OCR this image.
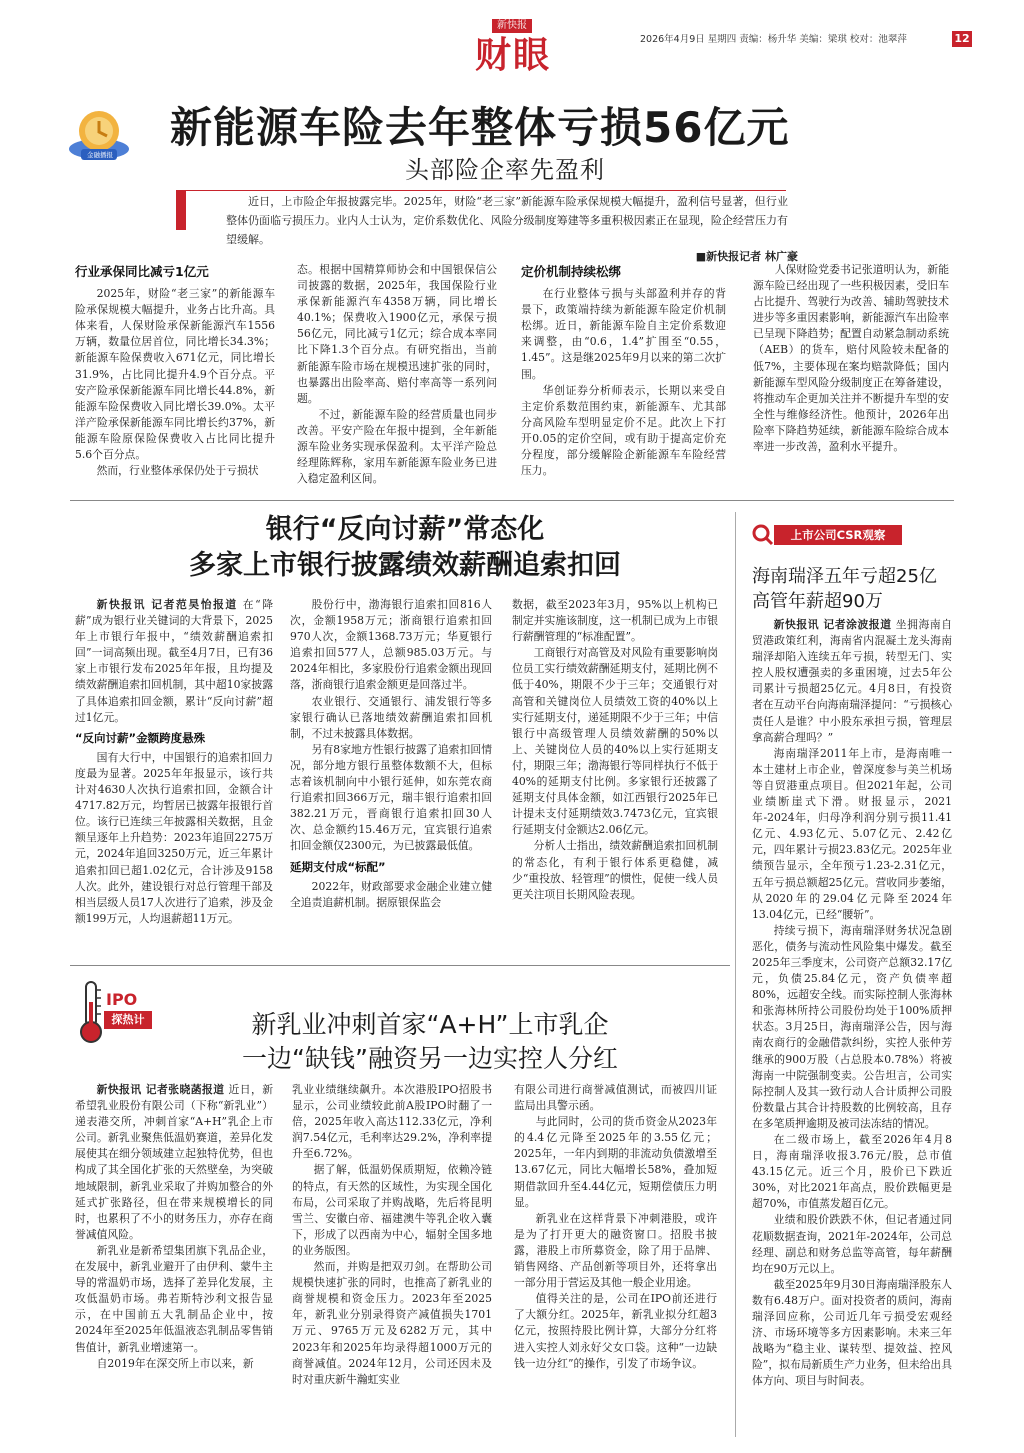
新快报
财眼	2026年4月9日 星期四 责编：杨升华 美编：梁琪 校对：池翠萍	12
金融播报
新能源车险去年整体亏损56亿元
头部险企率先盈利
近日，上市险企年报披露完毕。2025年，财险“老三家”新能源车险承保规模大幅提升，盈利信号显著，但行业整体仍面临亏损压力。业内人士认为，定价系数优化、风险分级制度筹建等多重积极因素正在显现，险企经营压力有望缓解。
■新快报记者 林广豪
行业承保同比减亏1亿元

2025年，财险“老三家”的新能源车险承保规模大幅提升，业务占比升高。具体来看，人保财险承保新能源汽车1556万辆，数量位居首位，同比增长34.3%；新能源车险保费收入671亿元，同比增长31.9%，占比同比提升4.9个百分点。平安产险承保新能源车同比增长44.8%，新能源车险保费收入同比增长39.0%。太平洋产险承保新能源车同比增长约37%，新能源车险原保险保费收入占比同比提升5.6个百分点。

然而，行业整体承保仍处于亏损状

态。根据中国精算师协会和中国银保信公司披露的数据，2025年，我国保险行业承保新能源汽车4358万辆，同比增长40.1%；保费收入1900亿元，承保亏损56亿元，同比减亏1亿元；综合成本率同比下降1.3个百分点。有研究指出，当前新能源车险市场在规模迅速扩张的同时，也暴露出出险率高、赔付率高等一系列问题。

不过，新能源车险的经营质量也同步改善。平安产险在年报中提到，全年新能源车险业务实现承保盈利。太平洋产险总经理陈辉称，家用车新能源车险业务已进入稳定盈利区间。

定价机制持续松绑

在行业整体亏损与头部盈利并存的背景下，政策端持续为新能源车险定价机制松绑。近日，新能源车险自主定价系数迎来调整，由“0.6，1.4”扩围至“0.55，1.45”。这是继2025年9月以来的第二次扩围。

华创证券分析师表示，长期以来受自主定价系数范围约束，新能源车、尤其部分高风险车型明显定价不足。此次上下打开0.05的定价空间，或有助于提高定价充分程度，部分缓解险企新能源车车险经营压力。

人保财险党委书记张道明认为，新能源车险已经出现了一些积极因素，受旧车占比提升、驾驶行为改善、辅助驾驶技术进步等多重因素影响，新能源汽车出险率已呈现下降趋势；配置自动紧急制动系统（AEB）的货车，赔付风险较未配备的低7%，主要体现在案均赔款降低；国内新能源车型风险分级制度正在筹备建设，将推动车企更加关注并不断提升车型的安全性与维修经济性。他预计，2026年出险率下降趋势延续，新能源车险综合成本率进一步改善，盈利水平提升。

银行“反向讨薪”常态化
多家上市银行披露绩效薪酬追索扣回

新快报讯 记者范昊怡报道 在“降薪”成为银行业关键词的大背景下，2025年上市银行年报中，“绩效薪酬追索扣回”一词高频出现。截至4月7日，已有36家上市银行发布2025年年报，且均提及绩效薪酬追索扣回机制，其中超10家披露了具体追索扣回金额，累计“反向讨薪”超过1亿元。

“反向讨薪”金额跨度悬殊

国有大行中，中国银行的追索扣回力度最为显著。2025年年报显示，该行共计对4630人次执行追索扣回，金额合计4717.82万元，均暂居已披露年报银行首位。该行已连续三年披露相关数据，且金额呈逐年上升趋势：2023年追回2275万元，2024年追回3250万元，近三年累计追索扣回已超1.02亿元，合计涉及9158人次。此外，建设银行对总行管理干部及相当层级人员17人次进行了追索，涉及金额199万元，人均退薪超11万元。

股份行中，渤海银行追索扣回816人次，金额1958万元；浙商银行追索扣回970人次，金额1368.73万元；华夏银行追索扣回577人，总额985.03万元。与2024年相比，多家股份行追索金额出现回落，浙商银行追索金额更是回落过半。

农业银行、交通银行、浦发银行等多家银行确认已落地绩效薪酬追索扣回机制，不过未披露具体数据。

另有8家地方性银行披露了追索扣回情况，部分地方银行虽整体数额不大，但标志着该机制向中小银行延伸，如东莞农商行追索扣回366万元，瑞丰银行追索扣回382.21万元，晋商银行追索扣回30人次、总金额约15.46万元，宜宾银行追索扣回金额仅2300元，为已披露最低值。

延期支付成“标配”

2022年，财政部要求金融企业建立健全追责追薪机制。据原银保监会

数据，截至2023年3月，95%以上机构已制定并实施该制度，这一机制已成为上市银行薪酬管理的“标准配置”。

工商银行对高管及对风险有重要影响岗位员工实行绩效薪酬延期支付，延期比例不低于40%，期限不少于三年；交通银行对高管和关键岗位人员绩效工资的40%以上实行延期支付，递延期限不少于三年；中信银行中高级管理人员绩效薪酬的50%以上、关键岗位人员的40%以上实行延期支付，期限三年；渤海银行等同样执行不低于40%的延期支付比例。多家银行还披露了延期支付具体金额，如江西银行2025年已计提未支付延期绩效3.7473亿元，宜宾银行延期支付金额达2.06亿元。

分析人士指出，绩效薪酬追索扣回机制的常态化，有利于银行体系更稳健，减少“重投放、轻管理”的惯性，促使一线人员更关注项目长期风险表现。

IPO
探热计	新乳业冲刺首家“A+H”上市乳企
一边“缺钱”融资另一边实控人分红

新快报讯 记者张晓菡报道 近日，新希望乳业股份有限公司（下称“新乳业”）递表港交所，冲刺首家“A+H”乳企上市公司。新乳业聚焦低温奶赛道，差异化发展使其在细分领域建立起独特优势，但也构成了其全国化扩张的天然壁垒，为突破地域限制，新乳业采取了并购加整合的外延式扩张路径，但在带来规模增长的同时，也累积了不小的财务压力，亦存在商誉减值风险。

新乳业是新希望集团旗下乳品企业，在发展中，新乳业避开了由伊利、蒙牛主导的常温奶市场，选择了差异化发展，主攻低温奶市场。弗若斯特沙利文报告显示，在中国前五大乳制品企业中，按2024年至2025年低温液态乳制品零售销售值计，新乳业增速第一。

自2019年在深交所上市以来，新

乳业业绩继续飙升。本次港股IPO招股书显示，公司业绩较此前A股IPO时翻了一倍，2025年收入高达112.33亿元，净利润7.54亿元，毛利率达29.2%，净利率提升至6.72%。

据了解，低温奶保质期短，依赖冷链的特点，有天然的区域性，为实现全国化布局，公司采取了并购战略，先后将昆明雪兰、安徽白帝、福建澳牛等乳企收入囊下，形成了以西南为中心，辐射全国多地的业务版图。

然而，并购是把双刃剑。在帮助公司规模快速扩张的同时，也推高了新乳业的商誉规模和资金压力。2023年至2025年，新乳业分别录得资产减值损失1701万元、9765万元及6282万元，其中2023年和2025年均录得超1000万元的商誉减值。2024年12月，公司还因未及时对重庆新牛瀚虹实业

有限公司进行商誉减值测试，而被四川证监局出具警示函。

与此同时，公司的货币资金从2023年的4.4亿元降至2025年的3.55亿元；2025年，一年内到期的非流动负债激增至13.67亿元，同比大幅增长58%，叠加短期借款回升至4.44亿元，短期偿债压力明显。

新乳业在这样背景下冲刺港股，或许是为了打开更大的融资窗口。招股书披露，港股上市所募资金，除了用于品牌、销售网络、产品创新等项目外，还将拿出一部分用于营运及其他一般企业用途。

值得关注的是，公司在IPO前还进行了大额分红。2025年，新乳业拟分红超3亿元，按照持股比例计算，大部分分红将进入实控人刘永好父女口袋。这种“一边缺钱一边分红”的操作，引发了市场争议。

上市公司CSR观察
海南瑞泽五年亏超25亿
高管年薪超90万

新快报讯 记者涂波报道 坐拥海南自贸港政策红利，海南省内混凝土龙头海南瑞泽却陷入连续五年亏损，转型无门、实控人股权遭强卖的多重困境，过去5年公司累计亏损超25亿元。4月8日，有投资者在互动平台向海南瑞泽提问：“亏损核心责任人是谁？中小股东承担亏损，管理层拿高薪合理吗？”

海南瑞泽2011年上市，是海南唯一本土建材上市企业，曾深度参与美兰机场等自贸港重点项目。但2021年起，公司业绩断崖式下滑。财报显示，2021年-2024年，归母净利润分别亏损11.41亿元、4.93亿元、5.07亿元、2.42亿元，四年累计亏损23.83亿元。2025年业绩预告显示，全年预亏1.23-2.31亿元，五年亏损总额超25亿元。营收同步萎缩，从2020年的29.04亿元降至2024年13.04亿元，已经“腰斩”。

持续亏损下，海南瑞泽财务状况急剧恶化，债务与流动性风险集中爆发。截至2025年三季度末，公司资产总额32.17亿元，负债25.84亿元，资产负债率超80%，远超安全线。而实际控制人张海林和张海林所持公司股份均处于100%质押状态。3月25日，海南瑞泽公告，因与海南农商行的金融借款纠纷，实控人张仲芳继承的900万股（占总股本0.78%）将被海南一中院强制变卖。公告坦言，公司实际控制人及其一致行动人合计质押公司股份数量占其合计持股数的比例较高，且存在多笔质押逾期及被司法冻结的情况。

在二级市场上，截至2026年4月8日，海南瑞泽收报3.76元/股，总市值43.15亿元。近三个月，股价已下跌近30%，对比2021年高点，股价跌幅更是超70%，市值蒸发超百亿元。

业绩和股价跌跌不休，但记者通过同花顺数据查询，2021年-2024年，公司总经理、副总和财务总监等高管，每年薪酬均在90万元以上。

截至2025年9月30日海南瑞泽股东人数有6.48万户。面对投资者的质问，海南瑞泽回应称，公司近几年亏损受宏观经济、市场环境等多方因素影响。未来三年战略为“稳主业、谋转型、提效益、控风险”，拟布局新质生产力业务，但未给出具体方向、项目与时间表。
